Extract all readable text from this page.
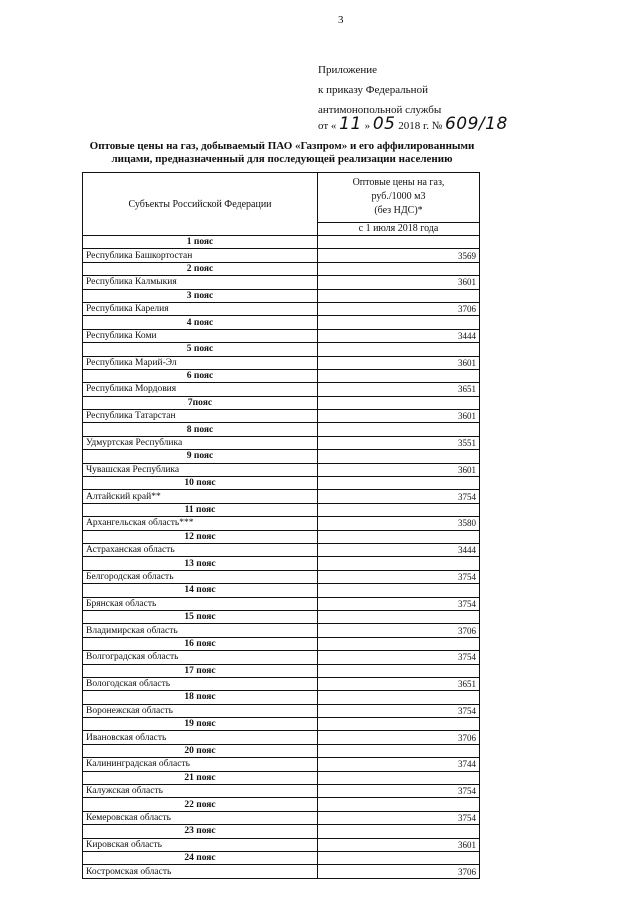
3
Приложение
к приказу Федеральной
антимонопольной службы
от « 11 » 05 2018 г. № 609/18
Оптовые цены на газ, добываемый ПАО «Газпром» и его аффилированными
лицами, предназначенный для последующей реализации населению
Субъекты Российской Федерации	Оптовые цены на газ,
руб./1000 м3
(без НДС)*

	с 1 июля 2018 года
1 пояс	
Республика Башкортостан	3569
2 пояс	
Республика Калмыкия	3601
3 пояс	
Республика Карелия	3706
4 пояс	
Республика Коми	3444
5 пояс	
Республика Марий-Эл	3601
6 пояс	
Республика Мордовия	3651
7пояс	
Республика Татарстан	3601
8 пояс	
Удмуртская Республика	3551
9 пояс	
Чувашская Республика	3601
10 пояс	
Алтайский край**	3754
11 пояс	
Архангельская область***	3580
12 пояс	
Астраханская область	3444
13 пояс	
Белгородская область	3754
14 пояс	
Брянская область	3754
15 пояс	
Владимирская область	3706
16 пояс	
Волгоградская область	3754
17 пояс	
Вологодская область	3651
18 пояс	
Воронежская область	3754
19 пояс	
Ивановская область	3706
20 пояс	
Калининградская область	3744
21 пояс	
Калужская область	3754
22 пояс	
Кемеровская область	3754
23 пояс	
Кировская область	3601
24 пояс	
Костромская область	3706
